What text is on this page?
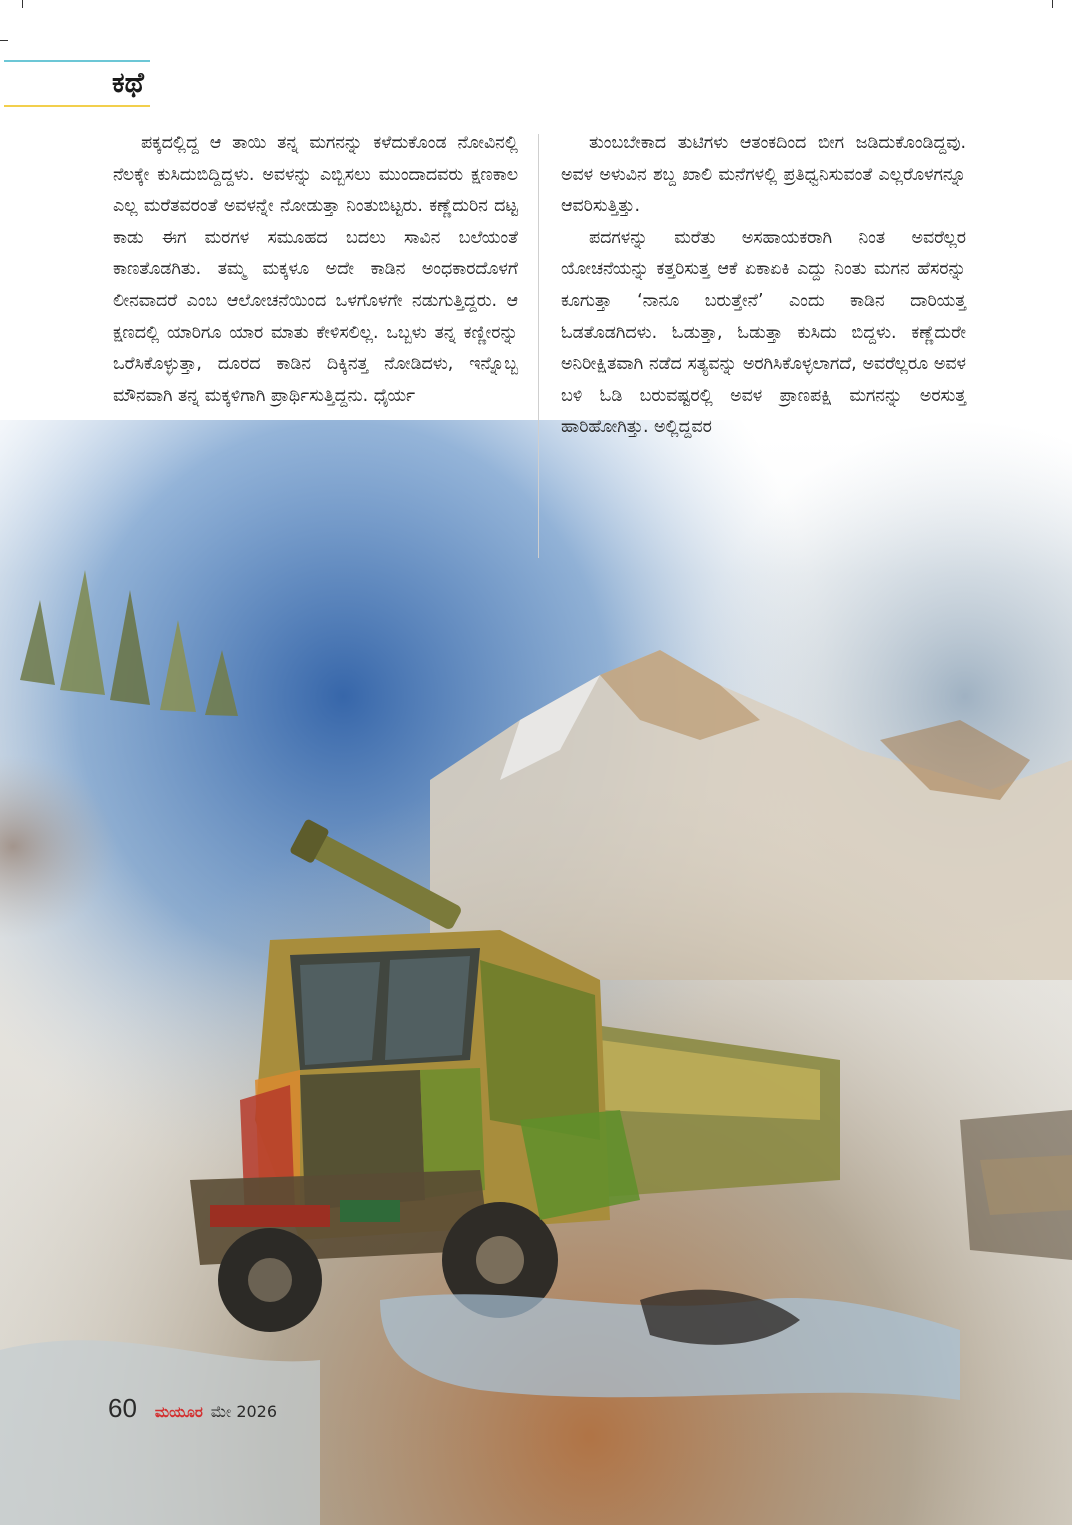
ಕಥೆ

ಪಕ್ಕದಲ್ಲಿದ್ದ ಆ ತಾಯಿ ತನ್ನ ಮಗನನ್ನು ಕಳೆದುಕೊಂಡ ನೋವಿನಲ್ಲಿ ನೆಲಕ್ಕೇ ಕುಸಿದುಬಿದ್ದಿದ್ದಳು. ಅವಳನ್ನು ಎಬ್ಬಿಸಲು ಮುಂದಾದವರು ಕ್ಷಣಕಾಲ ಎಲ್ಲ ಮರೆತವರಂತೆ ಅವಳನ್ನೇ ನೋಡುತ್ತಾ ನಿಂತುಬಿಟ್ಟರು. ಕಣ್ಣೆದುರಿನ ದಟ್ಟ ಕಾಡು ಈಗ ಮರಗಳ ಸಮೂಹದ ಬದಲು ಸಾವಿನ ಬಲೆಯಂತೆ ಕಾಣತೊಡಗಿತು. ತಮ್ಮ ಮಕ್ಕಳೂ ಅದೇ ಕಾಡಿನ ಅಂಧಕಾರದೊಳಗೆ ಲೀನವಾದರೆ ಎಂಬ ಆಲೋಚನೆಯಿಂದ ಒಳಗೊಳಗೇ ನಡುಗುತ್ತಿದ್ದರು. ಆ ಕ್ಷಣದಲ್ಲಿ ಯಾರಿಗೂ ಯಾರ ಮಾತು ಕೇಳಿಸಲಿಲ್ಲ. ಒಬ್ಬಳು ತನ್ನ ಕಣ್ಣೀರನ್ನು ಒರೆಸಿಕೊಳ್ಳುತ್ತಾ, ದೂರದ ಕಾಡಿನ ದಿಕ್ಕಿನತ್ತ ನೋಡಿದಳು, ಇನ್ನೊಬ್ಬ ಮೌನವಾಗಿ ತನ್ನ ಮಕ್ಕಳಿಗಾಗಿ ಪ್ರಾರ್ಥಿಸುತ್ತಿದ್ದನು. ಧೈರ್ಯ

ತುಂಬಬೇಕಾದ ತುಟಿಗಳು ಆತಂಕದಿಂದ ಬೀಗ ಜಡಿದುಕೊಂಡಿದ್ದವು. ಅವಳ ಅಳುವಿನ ಶಬ್ದ ಖಾಲಿ ಮನೆಗಳಲ್ಲಿ ಪ್ರತಿಧ್ವನಿಸುವಂತೆ ಎಲ್ಲರೊಳಗನ್ನೂ ಆವರಿಸುತ್ತಿತ್ತು.

ಪದಗಳನ್ನು ಮರೆತು ಅಸಹಾಯಕರಾಗಿ ನಿಂತ ಅವರೆಲ್ಲರ ಯೋಚನೆಯನ್ನು ಕತ್ತರಿಸುತ್ತ ಆಕೆ ಏಕಾಏಕಿ ಎದ್ದು ನಿಂತು ಮಗನ ಹೆಸರನ್ನು ಕೂಗುತ್ತಾ ‘ನಾನೂ ಬರುತ್ತೇನೆ’ ಎಂದು ಕಾಡಿನ ದಾರಿಯತ್ತ ಓಡತೊಡಗಿದಳು. ಓಡುತ್ತಾ, ಓಡುತ್ತಾ ಕುಸಿದು ಬಿದ್ದಳು. ಕಣ್ಣೆದುರೇ ಅನಿರೀಕ್ಷಿತವಾಗಿ ನಡೆದ ಸತ್ಯವನ್ನು ಅರಗಿಸಿಕೊಳ್ಳಲಾಗದೆ, ಅವರೆಲ್ಲರೂ ಅವಳ ಬಳಿ ಓಡಿ ಬರುವಷ್ಟರಲ್ಲಿ ಅವಳ ಪ್ರಾಣಪಕ್ಷಿ ಮಗನನ್ನು ಅರಸುತ್ತ ಹಾರಿಹೋಗಿತ್ತು. ಅಲ್ಲಿದ್ದವರ

60 ಮಯೂರ ಮೇ 2026
